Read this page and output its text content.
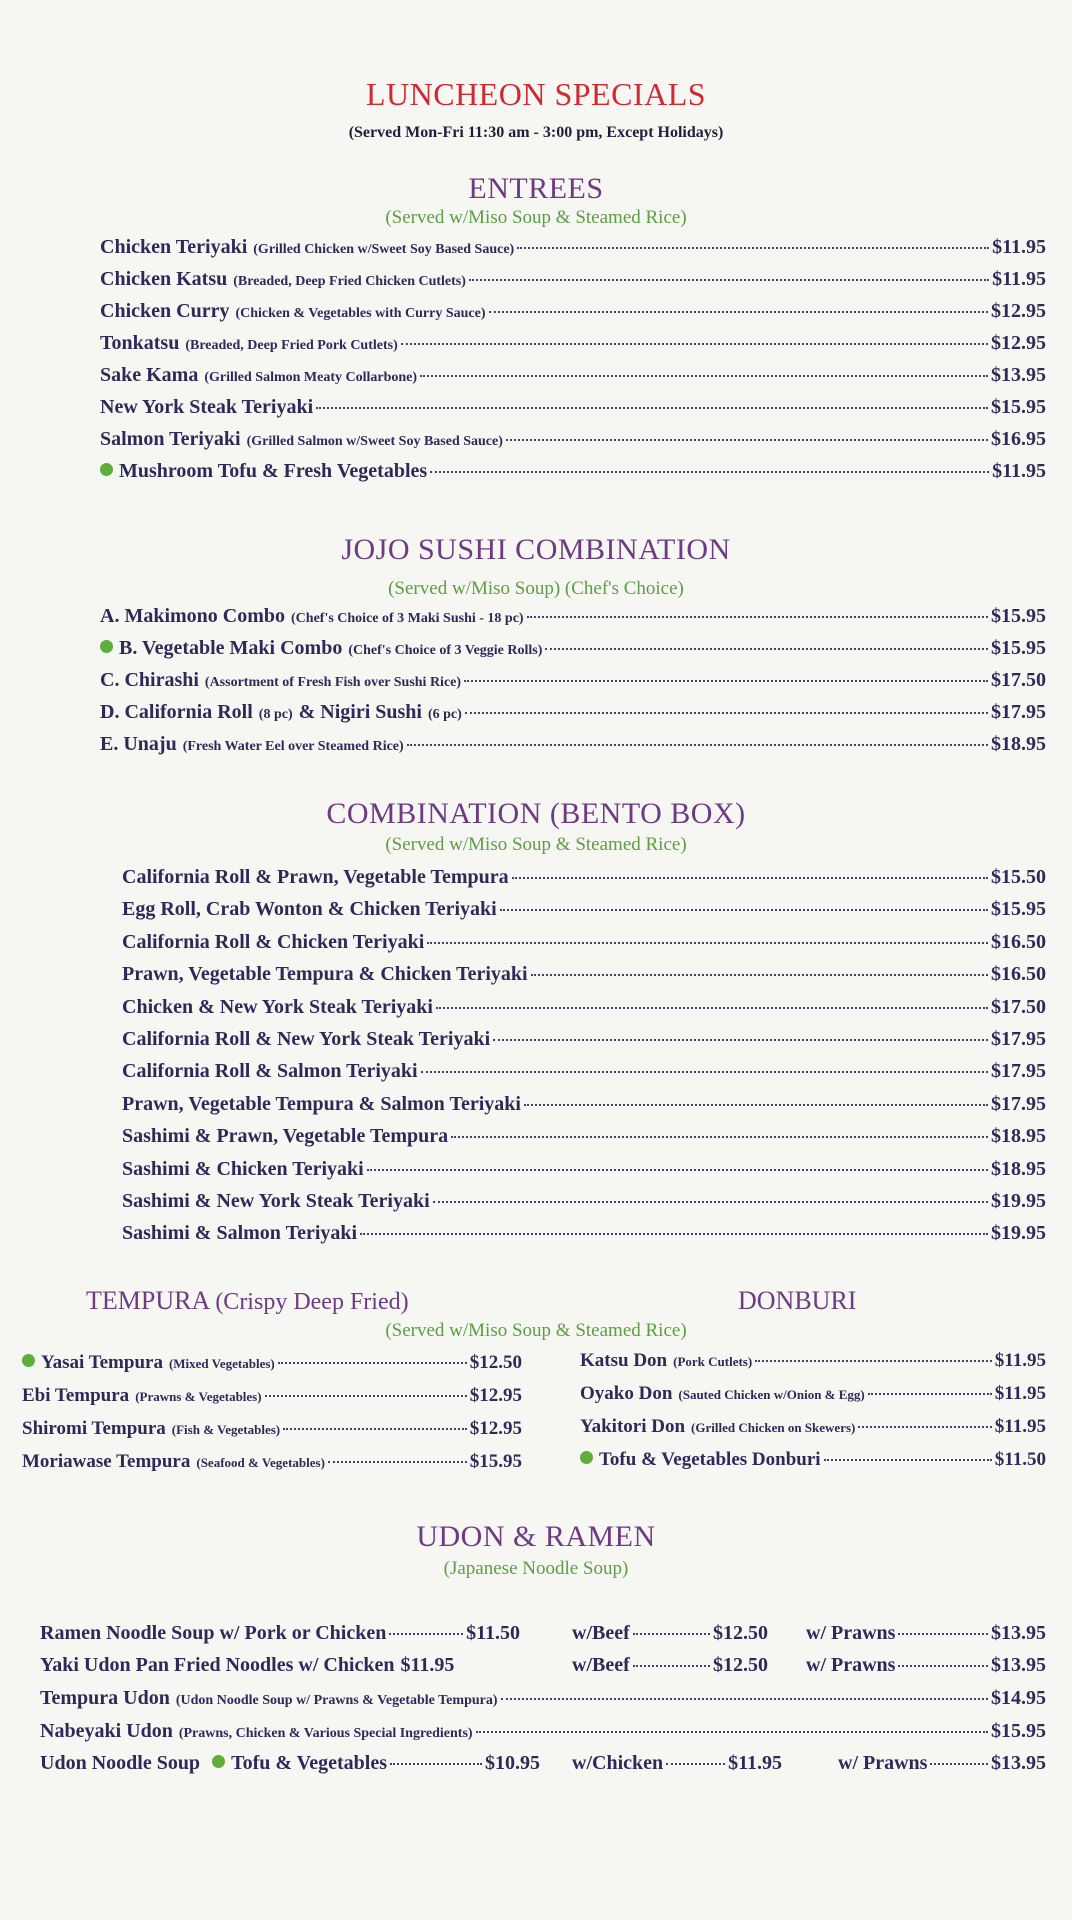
LUNCHEON SPECIALS
(Served Mon-Fri 11:30 am - 3:00 pm, Except Holidays)
ENTREES
(Served w/Miso Soup & Steamed Rice)
Chicken Teriyaki (Grilled Chicken w/Sweet Soy Based Sauce)	$11.95
Chicken Katsu (Breaded, Deep Fried Chicken Cutlets)	$11.95
Chicken Curry (Chicken & Vegetables with Curry Sauce)	$12.95
Tonkatsu (Breaded, Deep Fried Pork Cutlets)	$12.95
Sake Kama (Grilled Salmon Meaty Collarbone)	$13.95
New York Steak Teriyaki	$15.95
Salmon Teriyaki (Grilled Salmon w/Sweet Soy Based Sauce)	$16.95
Mushroom Tofu & Fresh Vegetables	$11.95
JOJO SUSHI COMBINATION
(Served w/Miso Soup) (Chef's Choice)
A. Makimono Combo (Chef's Choice of 3 Maki Sushi - 18 pc)	$15.95
B. Vegetable Maki Combo (Chef's Choice of 3 Veggie Rolls)	$15.95
C. Chirashi (Assortment of Fresh Fish over Sushi Rice)	$17.50
D. California Roll (8 pc) & Nigiri Sushi (6 pc)	$17.95
E. Unaju (Fresh Water Eel over Steamed Rice)	$18.95
COMBINATION (BENTO BOX)
(Served w/Miso Soup & Steamed Rice)
California Roll & Prawn, Vegetable Tempura	$15.50
Egg Roll, Crab Wonton & Chicken Teriyaki	$15.95
California Roll & Chicken Teriyaki	$16.50
Prawn, Vegetable Tempura & Chicken Teriyaki	$16.50
Chicken & New York Steak Teriyaki	$17.50
California Roll & New York Steak Teriyaki	$17.95
California Roll & Salmon Teriyaki	$17.95
Prawn, Vegetable Tempura & Salmon Teriyaki	$17.95
Sashimi & Prawn, Vegetable Tempura	$18.95
Sashimi & Chicken Teriyaki	$18.95
Sashimi & New York Steak Teriyaki	$19.95
Sashimi & Salmon Teriyaki	$19.95
TEMPURA (Crispy Deep Fried)	DONBURI
(Served w/Miso Soup & Steamed Rice)
Yasai Tempura (Mixed Vegetables)	$12.50
Ebi Tempura (Prawns & Vegetables)	$12.95
Shiromi Tempura (Fish & Vegetables)	$12.95
Moriawase Tempura (Seafood & Vegetables)	$15.95
Katsu Don (Pork Cutlets)	$11.95
Oyako Don (Sauted Chicken w/Onion & Egg)	$11.95
Yakitori Don (Grilled Chicken on Skewers)	$11.95
Tofu & Vegetables Donburi	$11.50
UDON & RAMEN
(Japanese Noodle Soup)
Ramen Noodle Soup w/ Pork or Chicken	$11.50	w/Beef	$12.50 w/ Prawns	$13.95
Yaki Udon Pan Fried Noodles w/ Chicken $11.95	w/Beef	$12.50 w/ Prawns	$13.95
Tempura Udon (Udon Noodle Soup w/ Prawns & Vegetable Tempura)	$14.95
Nabeyaki Udon (Prawns, Chicken & Various Special Ingredients)	$15.95
Udon Noodle Soup Tofu & Vegetables	$10.95 w/Chicken	$11.95	w/ Prawns	$13.95
